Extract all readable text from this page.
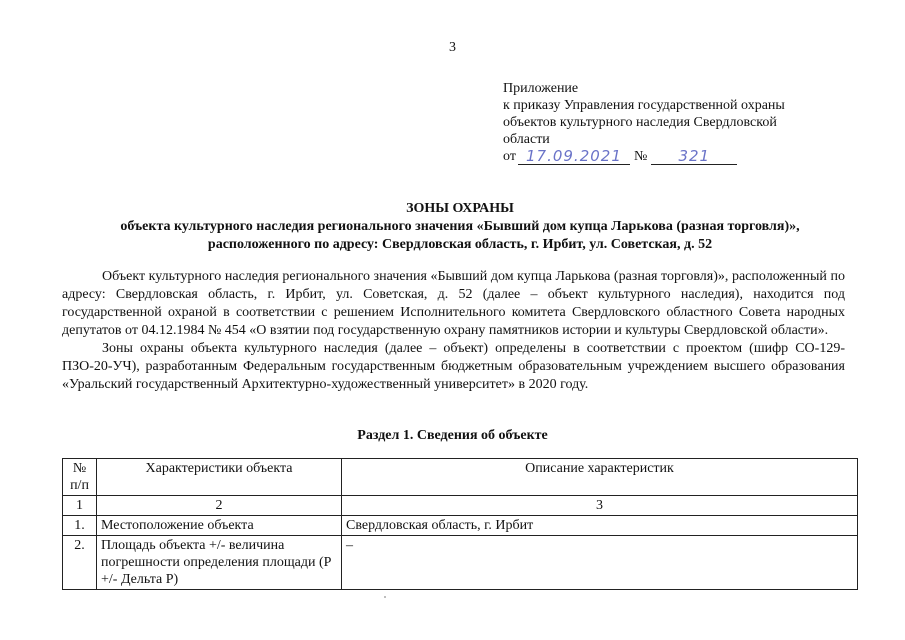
3
Приложение
к приказу Управления государственной охраны
объектов культурного наследия Свердловской
области
от 17.09.2021 №	321
ЗОНЫ ОХРАНЫ
объекта культурного наследия регионального значения «Бывший дом купца Ларькова (разная торговля)»,
расположенного по адресу: Свердловская область, г. Ирбит, ул. Советская, д. 52

Объект культурного наследия регионального значения «Бывший дом купца Ларькова (разная торговля)», расположенный по адресу: Свердловская область, г. Ирбит, ул. Советская, д. 52 (далее – объект культурного наследия), находится под государственной охраной в соответствии с решением Исполнительного комитета Свердловского областного Совета народных депутатов от 04.12.1984 № 454 «О взятии под государственную охрану памятников истории и культуры Свердловской области».

Зоны охраны объекта культурного наследия (далее – объект) определены в соответствии с проектом (шифр СО-129-ПЗО-20-УЧ), разработанным Федеральным государственным бюджетным образовательным учреждением высшего образования «Уральский государственный Архитектурно-художественный университет» в 2020 году.

Раздел 1. Сведения об объекте
№ п/п	Характеристики объекта	Описание характеристик
1	2	3
1.	Местоположение объекта	Свердловская область, г. Ирбит
2.	Площадь объекта +/- величина погрешности определения площади (P +/- Дельта P)	–
